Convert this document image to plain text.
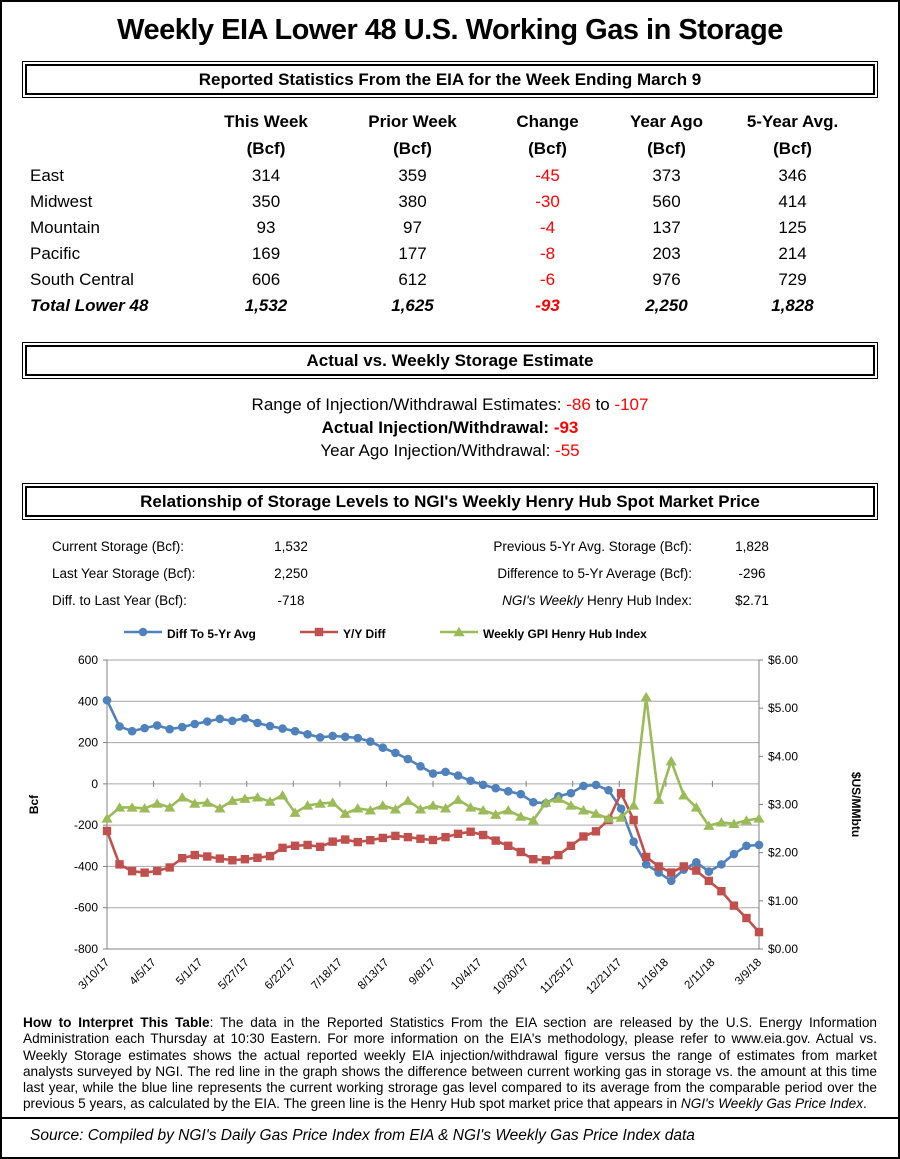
Weekly EIA Lower 48 U.S. Working Gas in Storage
Reported Statistics From the EIA for the Week Ending March 9
This Week	Prior Week	Change	Year Ago	5-Year Avg.
(Bcf)	(Bcf)	(Bcf)	(Bcf)	(Bcf)
East	314	359	-45	373	346
Midwest	350	380	-30	560	414
Mountain	93	97	-4	137	125
Pacific	169	177	-8	203	214
South Central	606	612	-6	976	729
Total Lower 48	1,532	1,625	-93	2,250	1,828
Actual vs. Weekly Storage Estimate
Range of Injection/Withdrawal Estimates: -86 to -107
Actual Injection/Withdrawal: -93
Year Ago Injection/Withdrawal: -55
Relationship of Storage Levels to NGI's Weekly Henry Hub Spot Market Price
Current Storage (Bcf):	1,532	Previous 5-Yr Avg. Storage (Bcf):	1,828
Last Year Storage (Bcf):	2,250	Difference to 5-Yr Average (Bcf):	-296
Diff. to Last Year (Bcf):	-718	NGI's Weekly Henry Hub Index:	$2.71
Diff To 5-Yr Avg	Y/Y Diff	Weekly GPI Henry Hub Index
600
400
200
0
-200
-400
-600
-800
$6.00
$5.00
$4.00
$3.00
$2.00
$1.00
$0.00
3/10/17 4/5/17 5/1/17 5/27/17 6/22/17 7/18/17 8/13/17 9/8/17 10/4/17 10/30/17 11/25/17 12/21/17 1/16/18 2/11/18 3/9/18
Bcf	$US/MMbtu

How to Interpret This Table: The data in the Reported Statistics From the EIA section are released by the U.S. Energy Information Administration each Thursday at 10:30 Eastern. For more information on the EIA's methodology, please refer to www.eia.gov. Actual vs. Weekly Storage estimates shows the actual reported weekly EIA injection/withdrawal figure versus the range of estimates from market analysts surveyed by NGI. The red line in the graph shows the difference between current working gas in storage vs. the amount at this time last year, while the blue line represents the current working strorage gas level compared to its average from the comparable period over the previous 5 years, as calculated by the EIA. The green line is the Henry Hub spot market price that appears in NGI's Weekly Gas Price Index.

Source: Compiled by NGI's Daily Gas Price Index from EIA & NGI's Weekly Gas Price Index data
